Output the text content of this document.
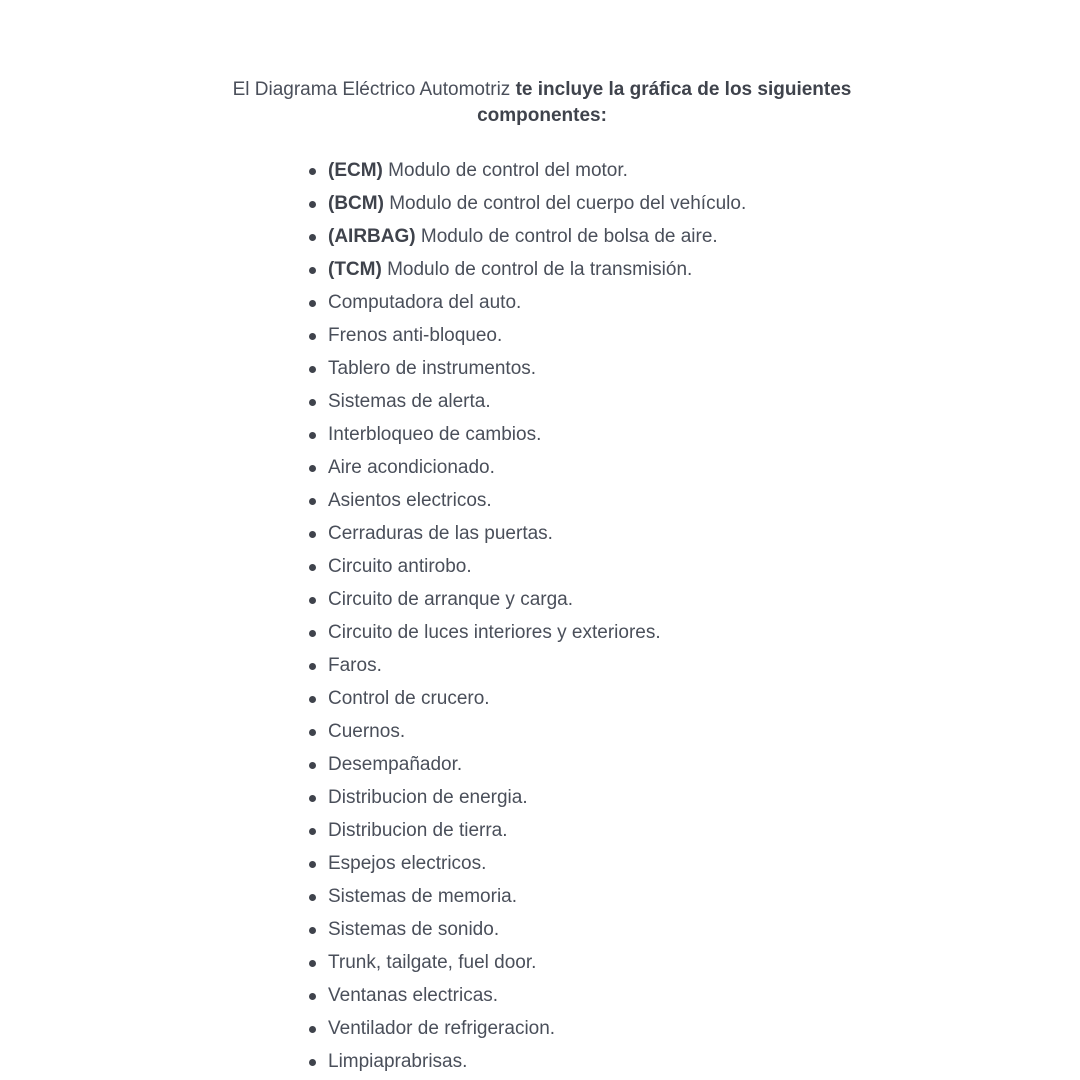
El Diagrama Eléctrico Automotriz te incluye la gráfica de los siguientes componentes:
(ECM) Modulo de control del motor.
(BCM) Modulo de control del cuerpo del vehículo.
(AIRBAG) Modulo de control de bolsa de aire.
(TCM) Modulo de control de la transmisión.
Computadora del auto.
Frenos anti-bloqueo.
Tablero de instrumentos.
Sistemas de alerta.
Interbloqueo de cambios.
Aire acondicionado.
Asientos electricos.
Cerraduras de las puertas.
Circuito antirobo.
Circuito de arranque y carga.
Circuito de luces interiores y exteriores.
Faros.
Control de crucero.
Cuernos.
Desempañador.
Distribucion de energia.
Distribucion de tierra.
Espejos electricos.
Sistemas de memoria.
Sistemas de sonido.
Trunk, tailgate, fuel door.
Ventanas electricas.
Ventilador de refrigeracion.
Limpiaprabrisas.
